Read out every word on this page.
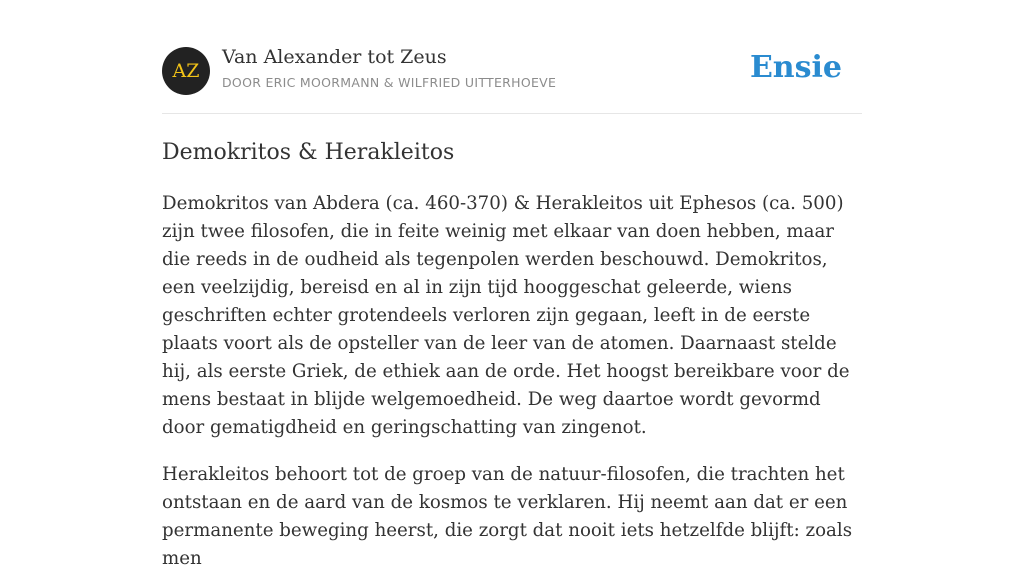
AZ
Van Alexander tot Zeus
DOOR ERIC MOORMANN & WILFRIED UITTERHOEVE	Ensie
Demokritos & Herakleitos

Demokritos van Abdera (ca. 460-370) & Herakleitos uit Ephesos (ca. 500) zijn twee filosofen, die in feite weinig met elkaar van doen hebben, maar die reeds in de oudheid als tegenpolen werden beschouwd. Demokritos, een veelzijdig, bereisd en al in zijn tijd hooggeschat geleerde, wiens geschriften echter grotendeels verloren zijn gegaan, leeft in de eerste plaats voort als de opsteller van de leer van de atomen. Daarnaast stelde hij, als eerste Griek, de ethiek aan de orde. Het hoogst bereikbare voor de mens bestaat in blijde welgemoedheid. De weg daartoe wordt gevormd door gematigdheid en geringschatting van zingenot.

Herakleitos behoort tot de groep van de natuur-filosofen, die trachten het ontstaan en de aard van de kosmos te verklaren. Hij neemt aan dat er een permanente beweging heerst, die zorgt dat nooit iets hetzelfde blijft: zoals men
